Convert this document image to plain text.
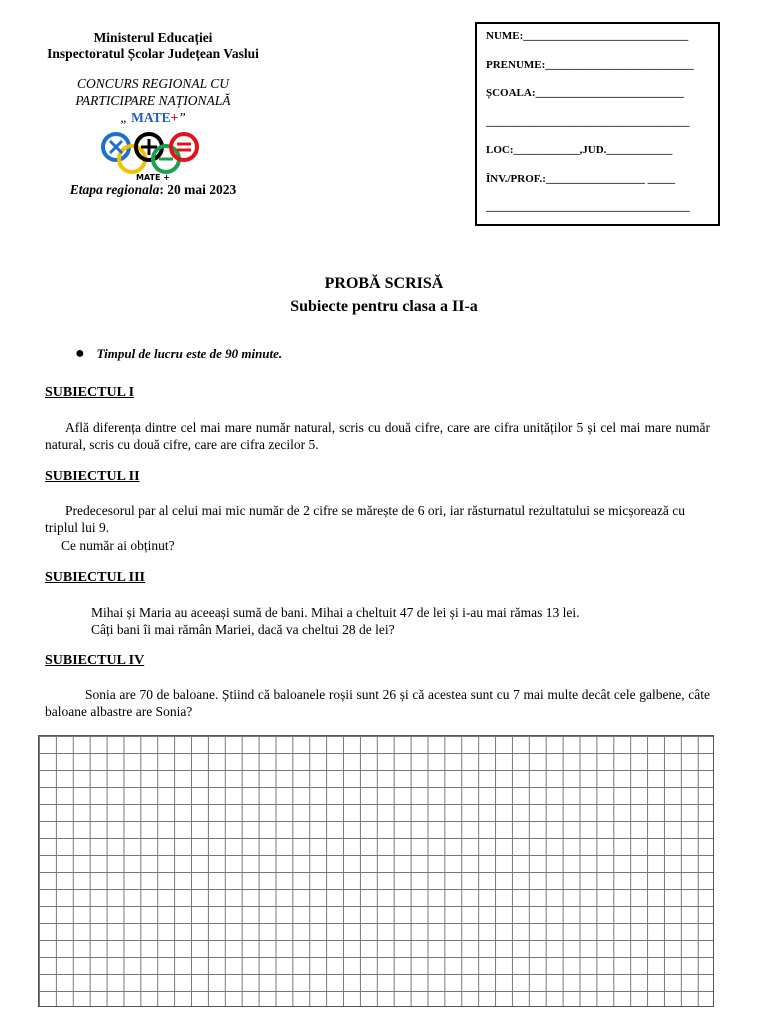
Ministerul Educației
Inspectoratul Școlar Județean Vaslui
CONCURS REGIONAL CU
PARTICIPARE NAȚIONALĂ
„ MATE+”
MATE +
Etapa regionala: 20 mai 2023
NUME:______________________________
PRENUME:___________________________
ȘCOALA:___________________________
_____________________________________
LOC:____________,JUD.____________
ÎNV./PROF.:__________________ _____
_____________________________________
PROBĂ SCRISĂ
Subiecte pentru clasa a II-a
● Timpul de lucru este de 90 minute.
SUBIECTUL I
Află diferența dintre cel mai mare număr natural, scris cu două cifre, care are cifra unităților 5 și cel mai mare număr natural, scris cu două cifre, care are cifra zecilor 5.
SUBIECTUL II
Predecesorul par al celui mai mic număr de 2 cifre se mărește de 6 ori, iar răsturnatul rezultatului se micșorează cu triplul lui 9.
Ce număr ai obținut?
SUBIECTUL III
Mihai și Maria au aceeași sumă de bani. Mihai a cheltuit 47 de lei și i-au mai rămas 13 lei.
Câți bani îi mai rămân Mariei, dacă va cheltui 28 de lei?
SUBIECTUL IV
Sonia are 70 de baloane. Știind că baloanele roșii sunt 26 și că acestea sunt cu 7 mai multe decât cele galbene, câte baloane albastre are Sonia?
